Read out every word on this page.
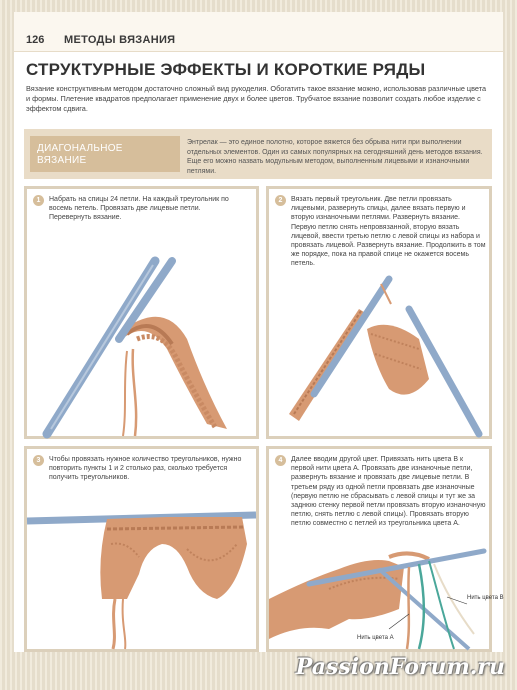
126 МЕТОДЫ ВЯЗАНИЯ
СТРУКТУРНЫЕ ЭФФЕКТЫ И КОРОТКИЕ РЯДЫ

Вязание конструктивным методом достаточно сложный вид рукоделия. Обогатить такое вязание можно, использовав различные цвета и формы. Плетение квадратов предполагает применение двух и более цветов. Трубчатое вязание позволит создать любое изделие с эффектом сдвига.

ДИАГОНАЛЬНОЕ ВЯЗАНИЕ
Энтрелак — это единое полотно, которое вяжется без обрыва нити при выполнении отдельных элементов. Один из самых популярных на сегодняшний день методов вязания. Еще его можно назвать модульным методом, выполненным лицевыми и изнаночными петлями.
1	Набрать на спицы 24 петли. На каждый треугольник по восемь петель. Провязать две лицевые петли. Перевернуть вязание.
2	Вязать первый треугольник. Две петли провязать лицевыми, развернуть спицы, далее вязать первую и вторую изнаночными петлями. Развернуть вязание. Первую петлю снять непровязанной, вторую вязать лицевой, ввести третью петлю с левой спицы из набора и провязать лицевой. Развернуть вязание. Продолжить в том же порядке, пока на правой спице не окажется восемь петель.
3	Чтобы провязать нужное количество треугольников, нужно повторить пункты 1 и 2 столько раз, сколько требуется получить треугольников.
Нить цвета А
Нить цвета В
4	Далее вводим другой цвет. Привязать нить цвета В к первой нити цвета А. Провязать две изнаночные петли, развернуть вязание и провязать две лицевые петли. В третьем ряду из одной петли провязать две изнаночные (первую петлю не сбрасывать с левой спицы и тут же за заднюю стенку первой петли провязать вторую изнаночную петлю, снять петлю с левой спицы). Провязать вторую петлю совместно с петлей из треугольника цвета А.
PassionForum.ru
